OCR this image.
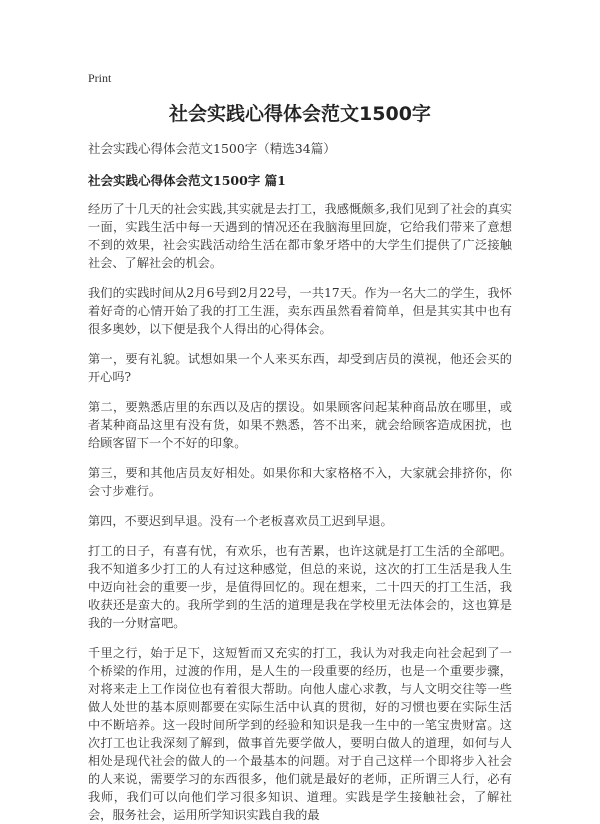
Print
社会实践心得体会范文1500字
社会实践心得体会范文1500字（精选34篇）
社会实践心得体会范文1500字 篇1

经历了十几天的社会实践,其实就是去打工，我感慨颇多,我们见到了社会的真实一面，实践生活中每一天遇到的情况还在我脑海里回旋，它给我们带来了意想不到的效果，社会实践活动给生活在都市象牙塔中的大学生们提供了广泛接触社会、了解社会的机会。

我们的实践时间从2月6号到2月22号，一共17天。作为一名大二的学生，我怀着好奇的心情开始了我的打工生涯，卖东西虽然看着简单，但是其实其中也有很多奥妙，以下便是我个人得出的心得体会。

第一，要有礼貌。试想如果一个人来买东西，却受到店员的漠视，他还会买的开心吗?

第二，要熟悉店里的东西以及店的摆设。如果顾客问起某种商品放在哪里，或者某种商品这里有没有货，如果不熟悉，答不出来，就会给顾客造成困扰，也给顾客留下一个不好的印象。

第三，要和其他店员友好相处。如果你和大家格格不入，大家就会排挤你，你会寸步难行。

第四，不要迟到早退。没有一个老板喜欢员工迟到早退。

打工的日子，有喜有忧，有欢乐，也有苦累，也许这就是打工生活的全部吧。我不知道多少打工的人有过这种感觉，但总的来说，这次的打工生活是我人生中迈向社会的重要一步，是值得回忆的。现在想来，二十四天的打工生活，我收获还是蛮大的。我所学到的生活的道理是我在学校里无法体会的，这也算是我的一分财富吧。

千里之行，始于足下，这短暂而又充实的打工，我认为对我走向社会起到了一个桥梁的作用，过渡的作用，是人生的一段重要的经历，也是一个重要步骤，对将来走上工作岗位也有着很大帮助。向他人虚心求教，与人文明交往等一些做人处世的基本原则都要在实际生活中认真的贯彻，好的习惯也要在实际生活中不断培养。这一段时间所学到的经验和知识是我一生中的一笔宝贵财富。这次打工也让我深刻了解到，做事首先要学做人，要明白做人的道理，如何与人相处是现代社会的做人的一个最基本的问题。对于自己这样一个即将步入社会的人来说，需要学习的东西很多，他们就是最好的老师，正所谓三人行，必有我师，我们可以向他们学习很多知识、道理。实践是学生接触社会，了解社会，服务社会，运用所学知识实践自我的最
